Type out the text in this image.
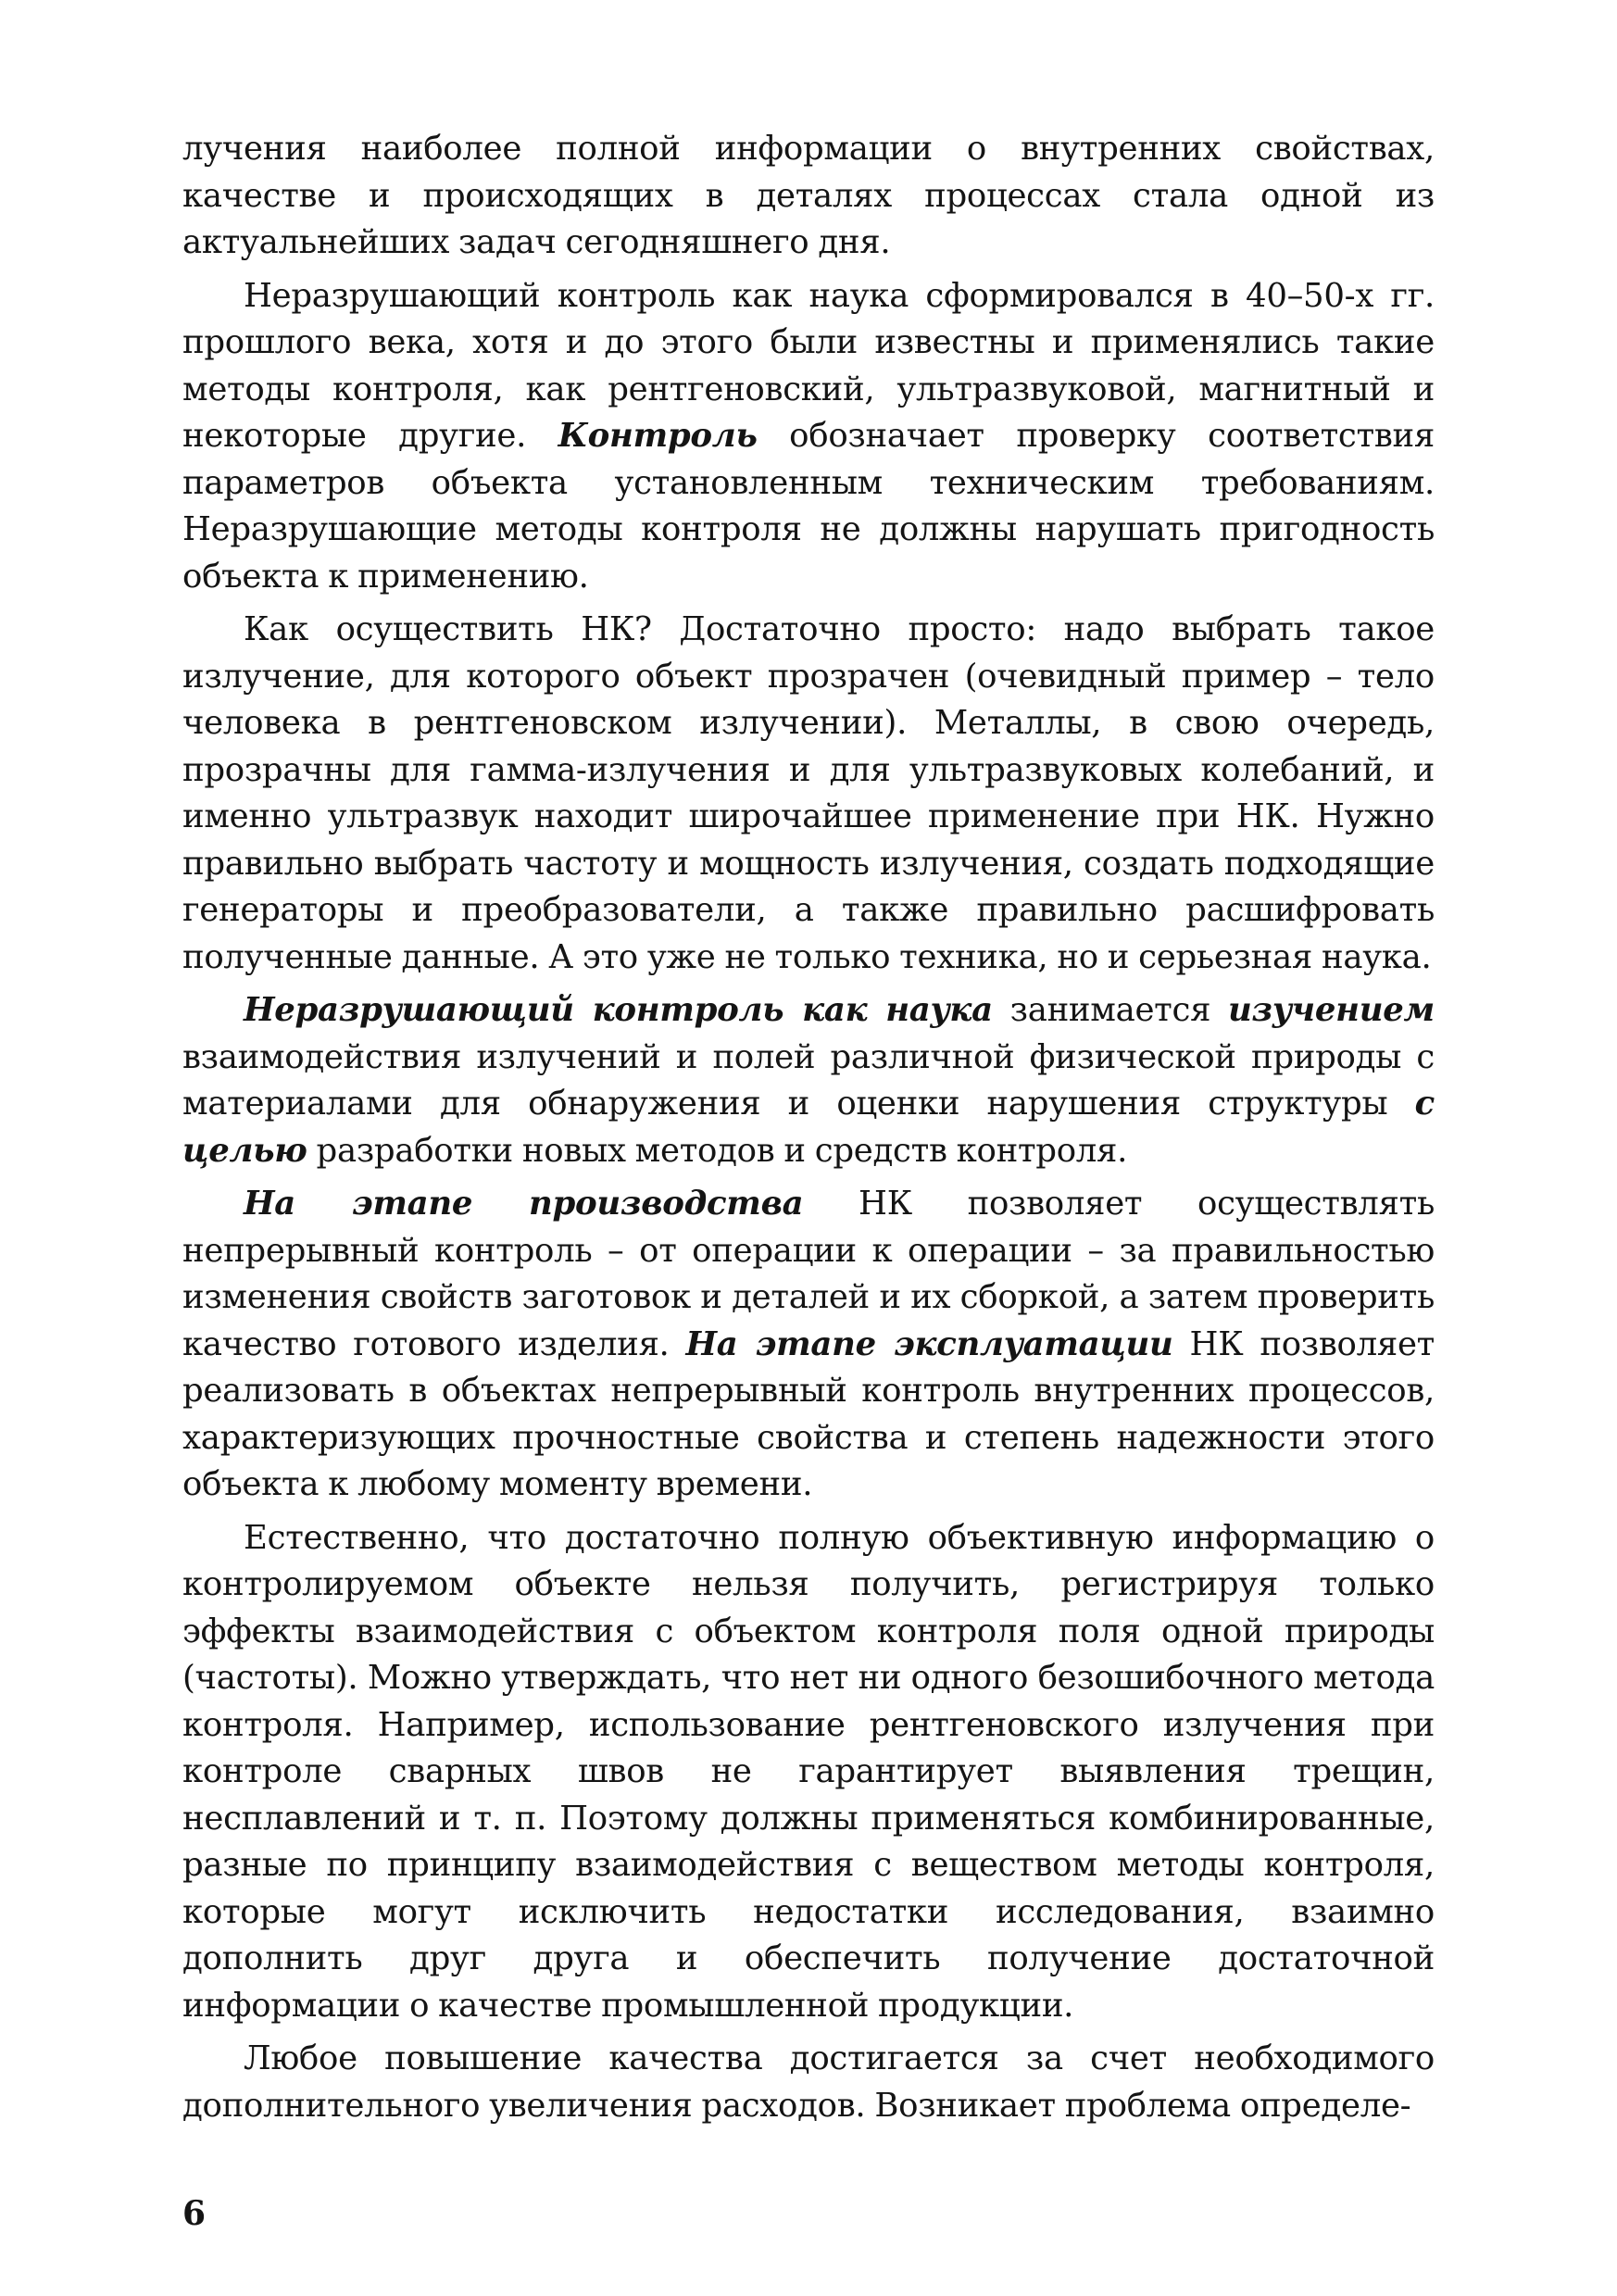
лучения наиболее полной информации о внутренних свойствах, качестве и происходящих в деталях процессах стала одной из актуальнейших задач сегодняшнего дня.

Неразрушающий контроль как наука сформировался в 40–50-х гг. прошлого века, хотя и до этого были известны и применялись такие методы контроля, как рентгеновский, ультразвуковой, магнитный и некоторые другие. Контроль обозначает проверку соответствия параметров объекта установленным техническим требованиям. Неразрушающие методы контроля не должны нарушать пригодность объекта к применению.

Как осуществить НК? Достаточно просто: надо выбрать такое излучение, для которого объект прозрачен (очевидный пример – тело человека в рентгеновском излучении). Металлы, в свою очередь, прозрачны для гамма-излучения и для ультразвуковых колебаний, и именно ультразвук находит широчайшее применение при НК. Нужно правильно выбрать частоту и мощность излучения, создать подходящие генераторы и преобразователи, а также правильно расшифровать полученные данные. А это уже не только техника, но и серьезная наука.

Неразрушающий контроль как наука занимается изучением взаимодействия излучений и полей различной физической природы с материалами для обнаружения и оценки нарушения структуры с целью разработки новых методов и средств контроля.

На этапе производства НК позволяет осуществлять непрерывный контроль – от операции к операции – за правильностью изменения свойств заготовок и деталей и их сборкой, а затем проверить качество готового изделия. На этапе эксплуатации НК позволяет реализовать в объектах непрерывный контроль внутренних процессов, характеризующих прочностные свойства и степень надежности этого объекта к любому моменту времени.

Естественно, что достаточно полную объективную информацию о контролируемом объекте нельзя получить, регистрируя только эффекты взаимодействия с объектом контроля поля одной природы (частоты). Можно утверждать, что нет ни одного безошибочного метода контроля. Например, использование рентгеновского излучения при контроле сварных швов не гарантирует выявления трещин, несплавлений и т. п. Поэтому должны применяться комбинированные, разные по принципу взаимодействия с веществом методы контроля, которые могут исключить недостатки исследования, взаимно дополнить друг друга и обеспечить получение достаточной информации о качестве промышленной продукции.

Любое повышение качества достигается за счет необходимого дополнительного увеличения расходов. Возникает проблема определе-

6
